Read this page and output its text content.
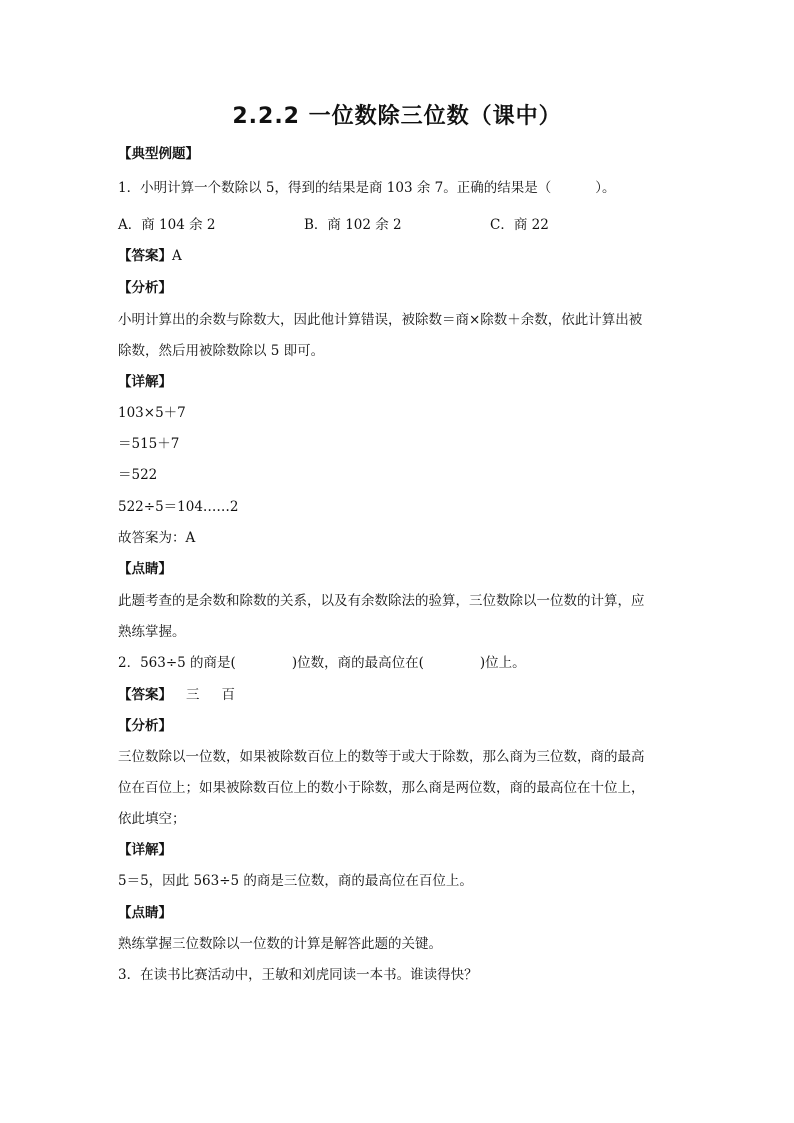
2.2.2 一位数除三位数（课中）
【典型例题】
1．小明计算一个数除以 5，得到的结果是商 103 余 7。正确的结果是（	）。
A．商 104 余 2	B．商 102 余 2	C．商 22
【答案】A
【分析】
小明计算出的余数与除数大，因此他计算错误，被除数＝商×除数＋余数，依此计算出被
除数，然后用被除数除以 5 即可。
【详解】
103×5＋7
＝515＋7
＝522
522÷5＝104……2
故答案为：A
【点睛】
此题考查的是余数和除数的关系，以及有余数除法的验算，三位数除以一位数的计算，应
熟练掌握。
2．563÷5 的商是(	)位数，商的最高位在(	)位上。
【答案】 三 百
【分析】
三位数除以一位数，如果被除数百位上的数等于或大于除数，那么商为三位数，商的最高
位在百位上；如果被除数百位上的数小于除数，那么商是两位数，商的最高位在十位上，
依此填空；
【详解】
5＝5，因此 563÷5 的商是三位数，商的最高位在百位上。
【点睛】
熟练掌握三位数除以一位数的计算是解答此题的关键。
3．在读书比赛活动中，王敏和刘虎同读一本书。谁读得快？
